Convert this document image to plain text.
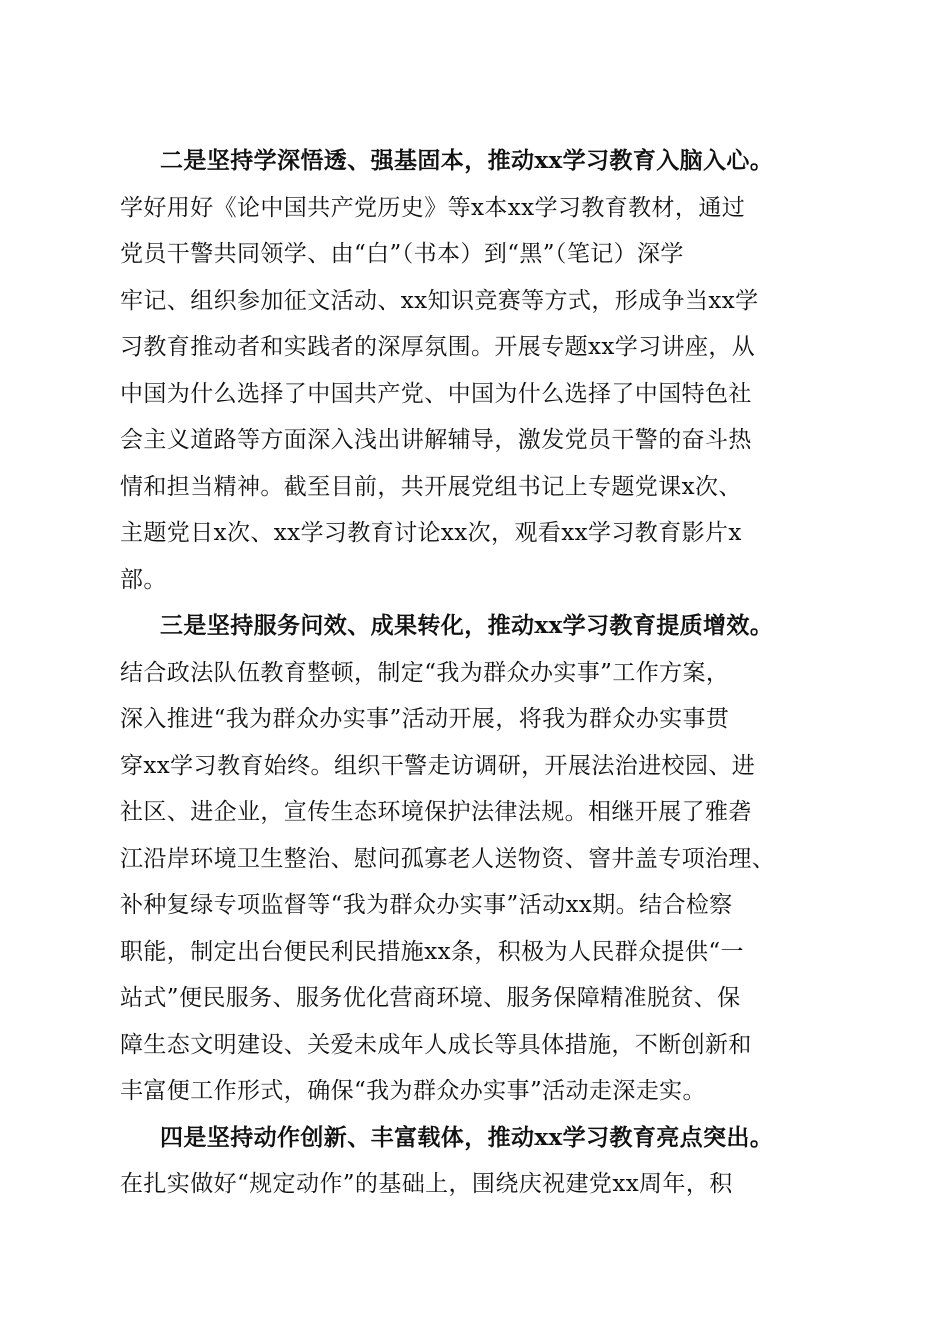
二是坚持学深悟透、强基固本，推动xx学习教育入脑入心。
学好用好《论中国共产党历史》等x本xx学习教育教材，通过
党员干警共同领学、由“白”（书本）到“黑”（笔记）深学
牢记、组织参加征文活动、xx知识竞赛等方式，形成争当xx学
习教育推动者和实践者的深厚氛围。开展专题xx学习讲座，从
中国为什么选择了中国共产党、中国为什么选择了中国特色社
会主义道路等方面深入浅出讲解辅导，激发党员干警的奋斗热
情和担当精神。截至目前，共开展党组书记上专题党课x次、
主题党日x次、xx学习教育讨论xx次，观看xx学习教育影片x
部。
三是坚持服务问效、成果转化，推动xx学习教育提质增效。
结合政法队伍教育整顿，制定“我为群众办实事”工作方案，
深入推进“我为群众办实事”活动开展，将我为群众办实事贯
穿xx学习教育始终。组织干警走访调研，开展法治进校园、进
社区、进企业，宣传生态环境保护法律法规。相继开展了雅砻
江沿岸环境卫生整治、慰问孤寡老人送物资、窨井盖专项治理、
补种复绿专项监督等“我为群众办实事”活动xx期。结合检察
职能，制定出台便民利民措施xx条，积极为人民群众提供“一
站式”便民服务、服务优化营商环境、服务保障精准脱贫、保
障生态文明建设、关爱未成年人成长等具体措施，不断创新和
丰富便工作形式，确保“我为群众办实事”活动走深走实。
四是坚持动作创新、丰富载体，推动xx学习教育亮点突出。
在扎实做好“规定动作”的基础上，围绕庆祝建党xx周年，积
